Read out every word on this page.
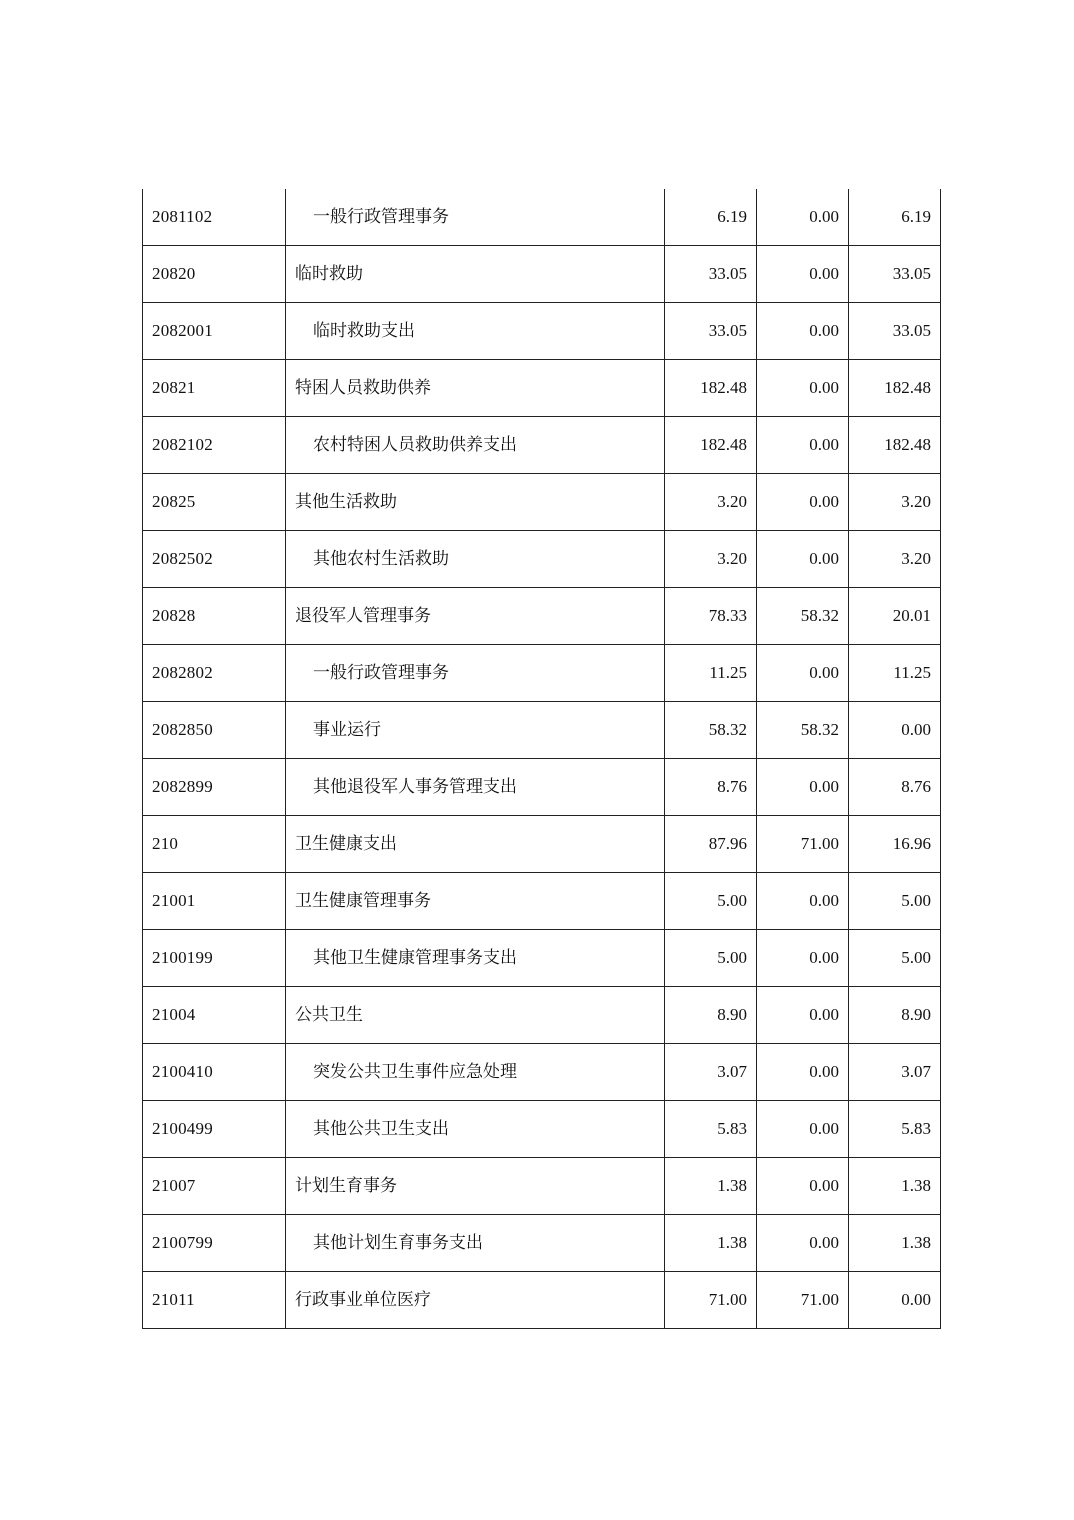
2081102	一般行政管理事务	6.19	0.00	6.19
20820	临时救助	33.05	0.00	33.05
2082001	临时救助支出	33.05	0.00	33.05
20821	特困人员救助供养	182.48	0.00	182.48
2082102	农村特困人员救助供养支出	182.48	0.00	182.48
20825	其他生活救助	3.20	0.00	3.20
2082502	其他农村生活救助	3.20	0.00	3.20
20828	退役军人管理事务	78.33	58.32	20.01
2082802	一般行政管理事务	11.25	0.00	11.25
2082850	事业运行	58.32	58.32	0.00
2082899	其他退役军人事务管理支出	8.76	0.00	8.76
210	卫生健康支出	87.96	71.00	16.96
21001	卫生健康管理事务	5.00	0.00	5.00
2100199	其他卫生健康管理事务支出	5.00	0.00	5.00
21004	公共卫生	8.90	0.00	8.90
2100410	突发公共卫生事件应急处理	3.07	0.00	3.07
2100499	其他公共卫生支出	5.83	0.00	5.83
21007	计划生育事务	1.38	0.00	1.38
2100799	其他计划生育事务支出	1.38	0.00	1.38
21011	行政事业单位医疗	71.00	71.00	0.00
